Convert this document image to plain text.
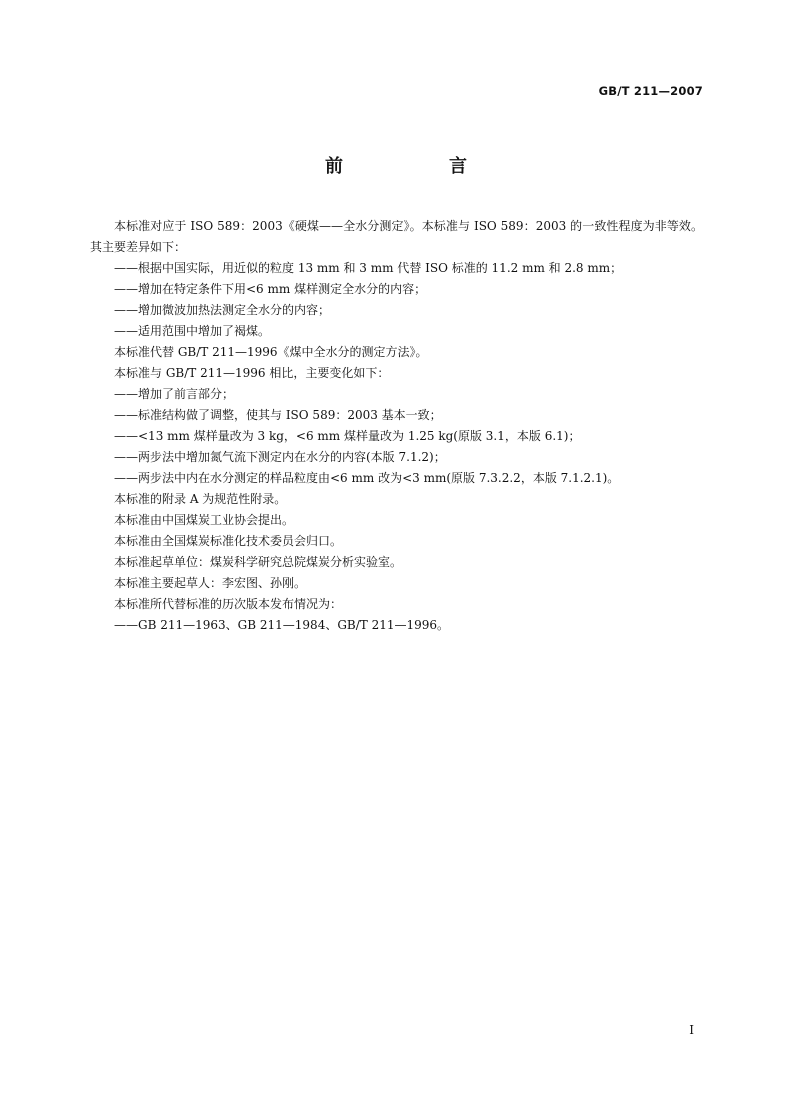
GB/T 211—2007
前　言

本标准对应于 ISO 589：2003《硬煤——全水分测定》。本标准与 ISO 589：2003 的一致性程度为非等效。其主要差异如下：

——根据中国实际，用近似的粒度 13 mm 和 3 mm 代替 ISO 标准的 11.2 mm 和 2.8 mm；

——增加在特定条件下用<6 mm 煤样测定全水分的内容；

——增加微波加热法测定全水分的内容；

——适用范围中增加了褐煤。

本标准代替 GB/T 211—1996《煤中全水分的测定方法》。

本标准与 GB/T 211—1996 相比，主要变化如下：

——增加了前言部分；

——标准结构做了调整，使其与 ISO 589：2003 基本一致；

——<13 mm 煤样量改为 3 kg，<6 mm 煤样量改为 1.25 kg(原版 3.1，本版 6.1)；

——两步法中增加氮气流下测定内在水分的内容(本版 7.1.2)；

——两步法中内在水分测定的样品粒度由<6 mm 改为<3 mm(原版 7.3.2.2，本版 7.1.2.1)。

本标准的附录 A 为规范性附录。

本标准由中国煤炭工业协会提出。

本标准由全国煤炭标准化技术委员会归口。

本标准起草单位：煤炭科学研究总院煤炭分析实验室。

本标准主要起草人：李宏图、孙刚。

本标准所代替标准的历次版本发布情况为：

——GB 211—1963、GB 211—1984、GB/T 211—1996。

I
